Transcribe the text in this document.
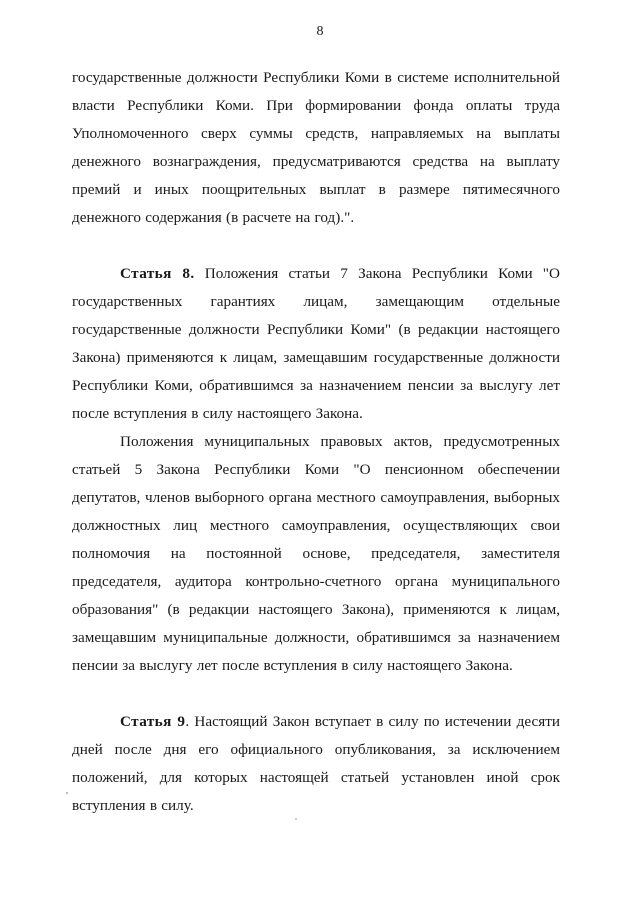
8

государственные должности Республики Коми в системе исполнительной власти Республики Коми. При формировании фонда оплаты труда Уполномоченного сверх суммы средств, направляемых на выплаты денежного вознаграждения, предусматриваются средства на выплату премий и иных поощрительных выплат в размере пятимесячного денежного содержания (в расчете на год).".

Статья 8. Положения статьи 7 Закона Республики Коми "О государственных гарантиях лицам, замещающим отдельные государственные должности Республики Коми" (в редакции настоящего Закона) применяются к лицам, замещавшим государственные должности Республики Коми, обратившимся за назначением пенсии за выслугу лет после вступления в силу настоящего Закона.

Положения муниципальных правовых актов, предусмотренных статьей 5 Закона Республики Коми "О пенсионном обеспечении депутатов, членов выборного органа местного самоуправления, выборных должностных лиц местного самоуправления, осуществляющих свои полномочия на постоянной основе, председателя, заместителя председателя, аудитора контрольно-счетного органа муниципального образования" (в редакции настоящего Закона), применяются к лицам, замещавшим муниципальные должности, обратившимся за назначением пенсии за выслугу лет после вступления в силу настоящего Закона.

Статья 9. Настоящий Закон вступает в силу по истечении десяти дней после дня его официального опубликования, за исключением положений, для которых настоящей статьей установлен иной срок вступления в силу.
